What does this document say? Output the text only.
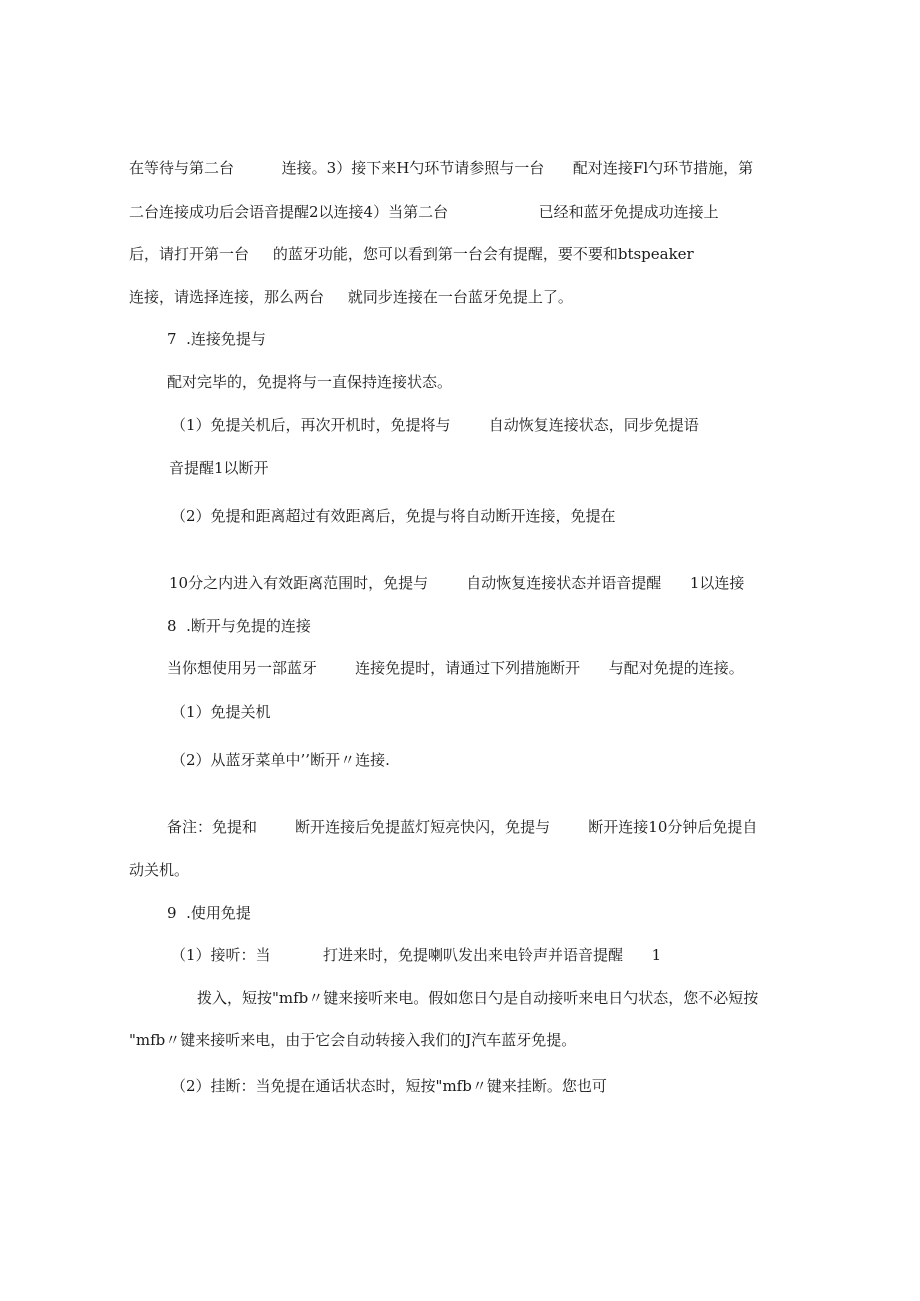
在等待与第二台          连接。3）接下来H勺环节请参照与一台      配对连接Fl勺环节措施，第

二台连接成功后会语音提醒2以连接4）当第二台                   已经和蓝牙免提成功连接上

后，请打开第一台     的蓝牙功能，您可以看到第一台会有提醒，要不要和btspeaker

连接，请选择连接，那么两台     就同步连接在一台蓝牙免提上了。

7  .连接免提与

配对完毕的，免提将与一直保持连接状态。

（1）免提关机后，再次开机时，免提将与        自动恢复连接状态，同步免提语

音提醒1以断开

（2）免提和距离超过有效距离后，免提与将自动断开连接，免提在

10分之内进入有效距离范围时，免提与        自动恢复连接状态并语音提醒      1以连接

8  .断开与免提的连接

当你想使用另一部蓝牙        连接免提时，请通过下列措施断开      与配对免提的连接。

（1）免提关机

（2）从蓝牙菜单中’’断开〃连接.

备注：免提和        断开连接后免提蓝灯短亮快闪，免提与        断开连接10分钟后免提自

动关机。

9  .使用免提

（1）接听：当           打进来时，免提喇叭发出来电铃声并语音提醒      1

拨入，短按"mfb〃键来接听来电。假如您日勺是自动接听来电日勺状态，您不必短按

"mfb〃键来接听来电，由于它会自动转接入我们的J汽车蓝牙免提。

（2）挂断：当免提在通话状态时，短按"mfb〃键来挂断。您也可
